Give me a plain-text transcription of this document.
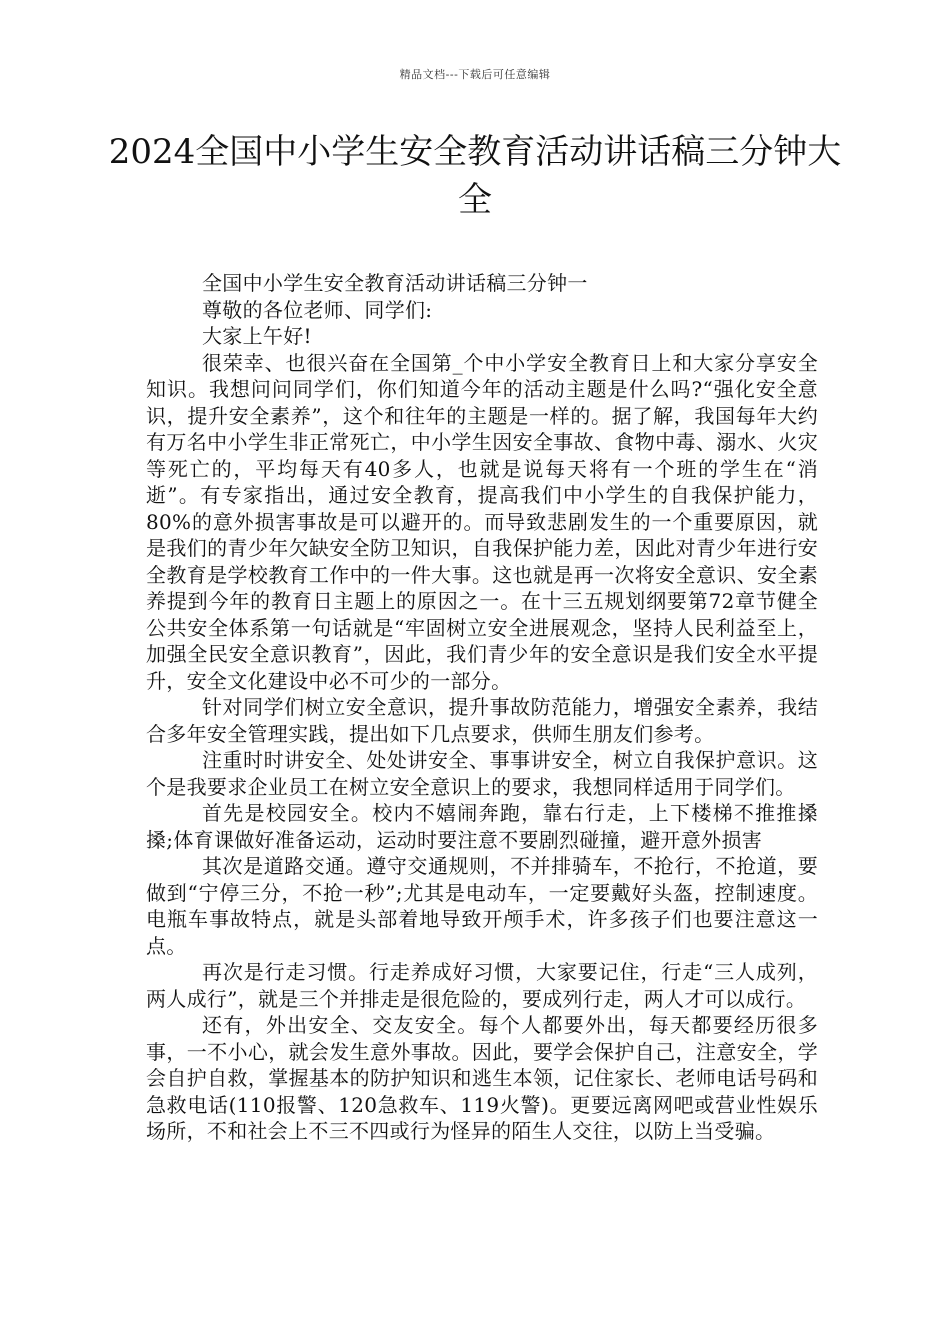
精品文档---下载后可任意编辑
2024全国中小学生安全教育活动讲话稿三分钟大全

全国中小学生安全教育活动讲话稿三分钟一

尊敬的各位老师、同学们:

大家上午好!

很荣幸、也很兴奋在全国第_个中小学安全教育日上和大家分享安全知识。我想问问同学们，你们知道今年的活动主题是什么吗?“强化安全意识，提升安全素养”，这个和往年的主题是一样的。据了解，我国每年大约有万名中小学生非正常死亡，中小学生因安全事故、食物中毒、溺水、火灾等死亡的，平均每天有40多人，也就是说每天将有一个班的学生在“消逝”。有专家指出，通过安全教育，提高我们中小学生的自我保护能力，80%的意外损害事故是可以避开的。而导致悲剧发生的一个重要原因，就是我们的青少年欠缺安全防卫知识，自我保护能力差，因此对青少年进行安全教育是学校教育工作中的一件大事。这也就是再一次将安全意识、安全素养提到今年的教育日主题上的原因之一。在十三五规划纲要第72章节健全公共安全体系第一句话就是“牢固树立安全进展观念，坚持人民利益至上，加强全民安全意识教育”，因此，我们青少年的安全意识是我们安全水平提升，安全文化建设中必不可少的一部分。

针对同学们树立安全意识，提升事故防范能力，增强安全素养，我结合多年安全管理实践，提出如下几点要求，供师生朋友们参考。

注重时时讲安全、处处讲安全、事事讲安全，树立自我保护意识。这个是我要求企业员工在树立安全意识上的要求，我想同样适用于同学们。

首先是校园安全。校内不嬉闹奔跑，靠右行走，上下楼梯不推推搡搡;体育课做好准备运动，运动时要注意不要剧烈碰撞，避开意外损害

其次是道路交通。遵守交通规则，不并排骑车，不抢行，不抢道，要做到“宁停三分，不抢一秒”;尤其是电动车，一定要戴好头盔，控制速度。电瓶车事故特点，就是头部着地导致开颅手术，许多孩子们也要注意这一点。

再次是行走习惯。行走养成好习惯，大家要记住，行走“三人成列，两人成行”，就是三个并排走是很危险的，要成列行走，两人才可以成行。

还有，外出安全、交友安全。每个人都要外出，每天都要经历很多事，一不小心，就会发生意外事故。因此，要学会保护自己，注意安全，学会自护自救，掌握基本的防护知识和逃生本领，记住家长、老师电话号码和急救电话(110报警、120急救车、119火警)。更要远离网吧或营业性娱乐场所，不和社会上不三不四或行为怪异的陌生人交往，以防上当受骗。
